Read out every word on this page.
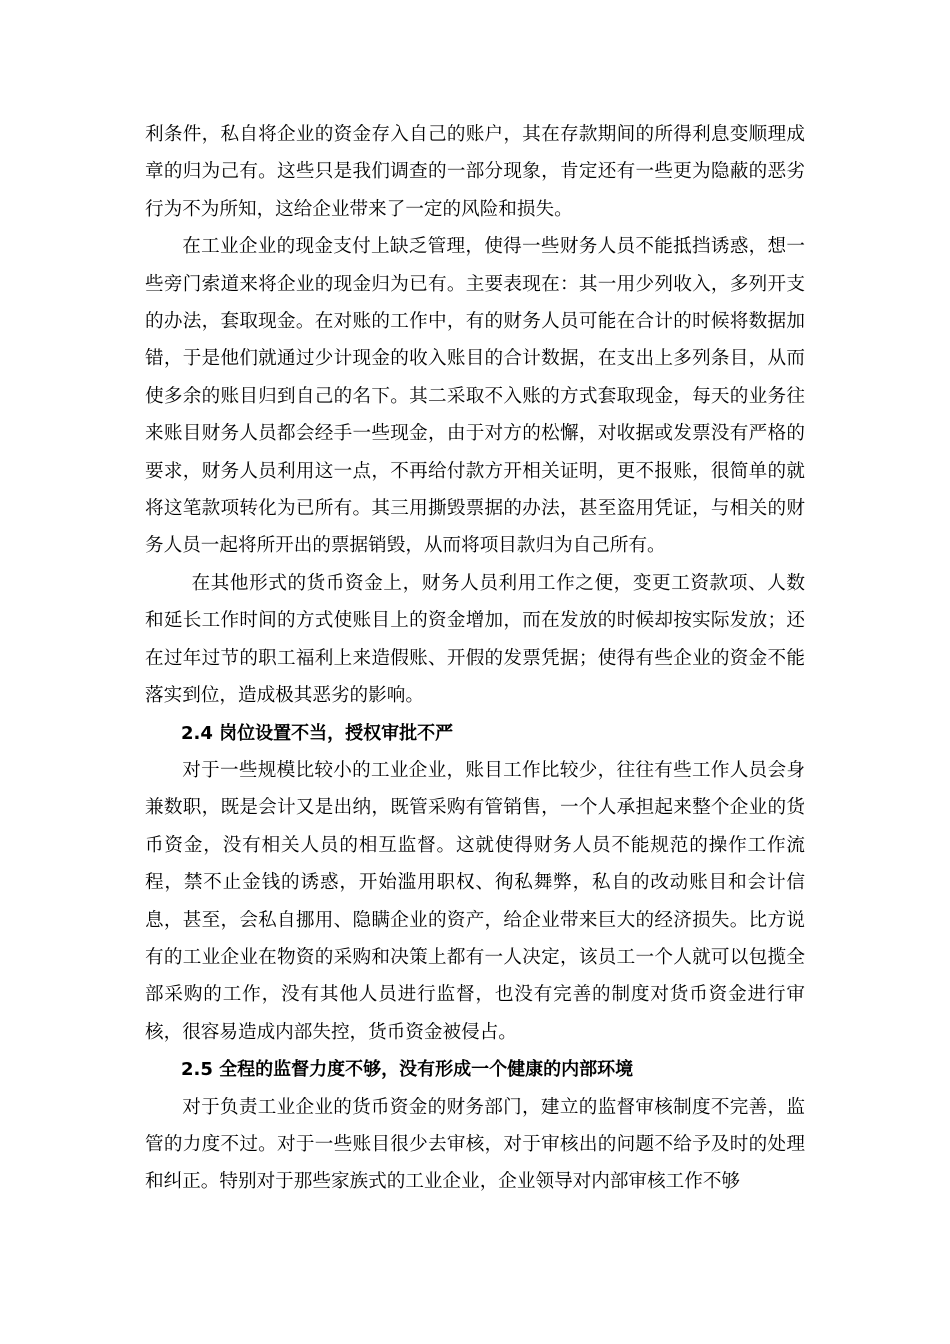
利条件，私自将企业的资金存入自己的账户，其在存款期间的所得利息变顺理成章的归为己有。这些只是我们调查的一部分现象，肯定还有一些更为隐蔽的恶劣行为不为所知，这给企业带来了一定的风险和损失。

在工业企业的现金支付上缺乏管理，使得一些财务人员不能抵挡诱惑，想一些旁门索道来将企业的现金归为已有。主要表现在：其一用少列收入，多列开支的办法，套取现金。在对账的工作中，有的财务人员可能在合计的时候将数据加错，于是他们就通过少计现金的收入账目的合计数据，在支出上多列条目，从而使多余的账目归到自己的名下。其二采取不入账的方式套取现金，每天的业务往来账目财务人员都会经手一些现金，由于对方的松懈，对收据或发票没有严格的要求，财务人员利用这一点，不再给付款方开相关证明，更不报账，很简单的就将这笔款项转化为已所有。其三用撕毁票据的办法，甚至盗用凭证，与相关的财务人员一起将所开出的票据销毁，从而将项目款归为自己所有。

在其他形式的货币资金上，财务人员利用工作之便，变更工资款项、人数和延长工作时间的方式使账目上的资金增加，而在发放的时候却按实际发放；还在过年过节的职工福利上来造假账、开假的发票凭据；使得有些企业的资金不能落实到位，造成极其恶劣的影响。

2.4 岗位设置不当，授权审批不严

对于一些规模比较小的工业企业，账目工作比较少，往往有些工作人员会身兼数职，既是会计又是出纳，既管采购有管销售，一个人承担起来整个企业的货币资金，没有相关人员的相互监督。这就使得财务人员不能规范的操作工作流程，禁不止金钱的诱惑，开始滥用职权、徇私舞弊，私自的改动账目和会计信息，甚至，会私自挪用、隐瞒企业的资产，给企业带来巨大的经济损失。比方说有的工业企业在物资的采购和决策上都有一人决定，该员工一个人就可以包揽全部采购的工作，没有其他人员进行监督，也没有完善的制度对货币资金进行审核，很容易造成内部失控，货币资金被侵占。

2.5 全程的监督力度不够，没有形成一个健康的内部环境

对于负责工业企业的货币资金的财务部门，建立的监督审核制度不完善，监管的力度不过。对于一些账目很少去审核，对于审核出的问题不给予及时的处理和纠正。特别对于那些家族式的工业企业，企业领导对内部审核工作不够
